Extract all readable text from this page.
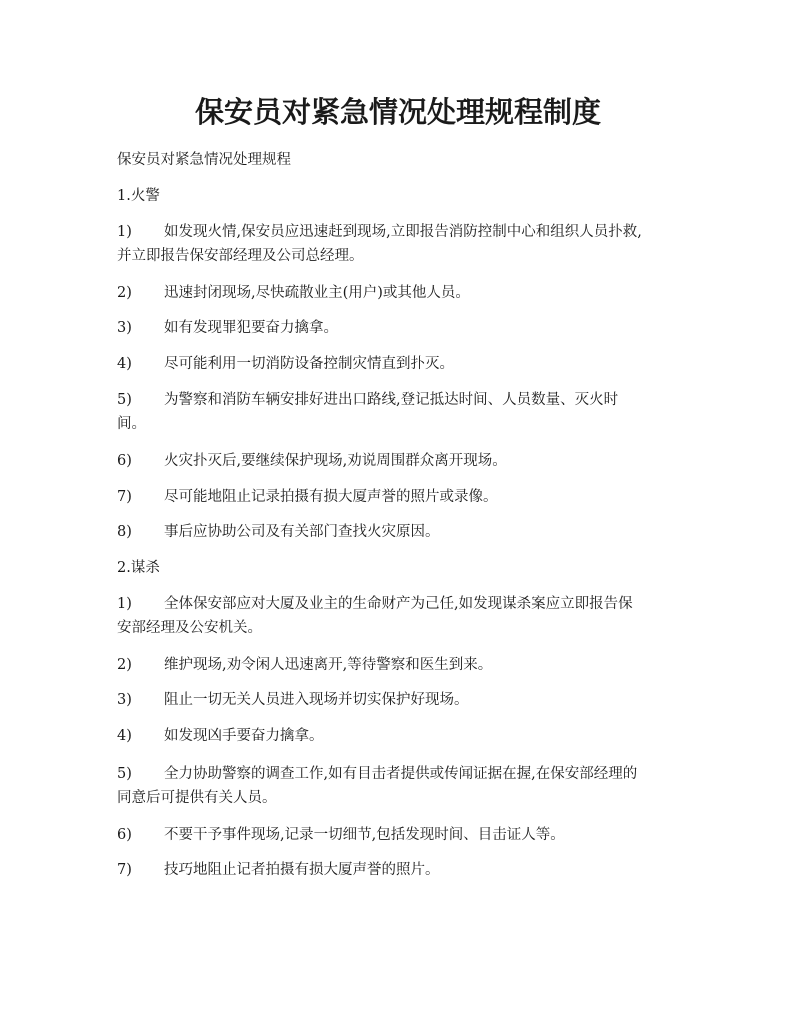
保安员对紧急情况处理规程制度
保安员对紧急情况处理规程
1.火警
1) 如发现火情,保安员应迅速赶到现场,立即报告消防控制中心和组织人员扑救,
并立即报告保安部经理及公司总经理。
2) 迅速封闭现场,尽快疏散业主(用户)或其他人员。
3) 如有发现罪犯要奋力擒拿。
4) 尽可能利用一切消防设备控制灾情直到扑灭。
5) 为警察和消防车辆安排好进出口路线,登记抵达时间、人员数量、灭火时
间。
6) 火灾扑灭后,要继续保护现场,劝说周围群众离开现场。
7) 尽可能地阻止记录拍摄有损大厦声誉的照片或录像。
8) 事后应协助公司及有关部门查找火灾原因。
2.谋杀
1) 全体保安部应对大厦及业主的生命财产为己任,如发现谋杀案应立即报告保
安部经理及公安机关。
2) 维护现场,劝令闲人迅速离开,等待警察和医生到来。
3) 阻止一切无关人员进入现场并切实保护好现场。
4) 如发现凶手要奋力擒拿。
5) 全力协助警察的调查工作,如有目击者提供或传闻证据在握,在保安部经理的
同意后可提供有关人员。
6) 不要干予事件现场,记录一切细节,包括发现时间、目击证人等。
7) 技巧地阻止记者拍摄有损大厦声誉的照片。
